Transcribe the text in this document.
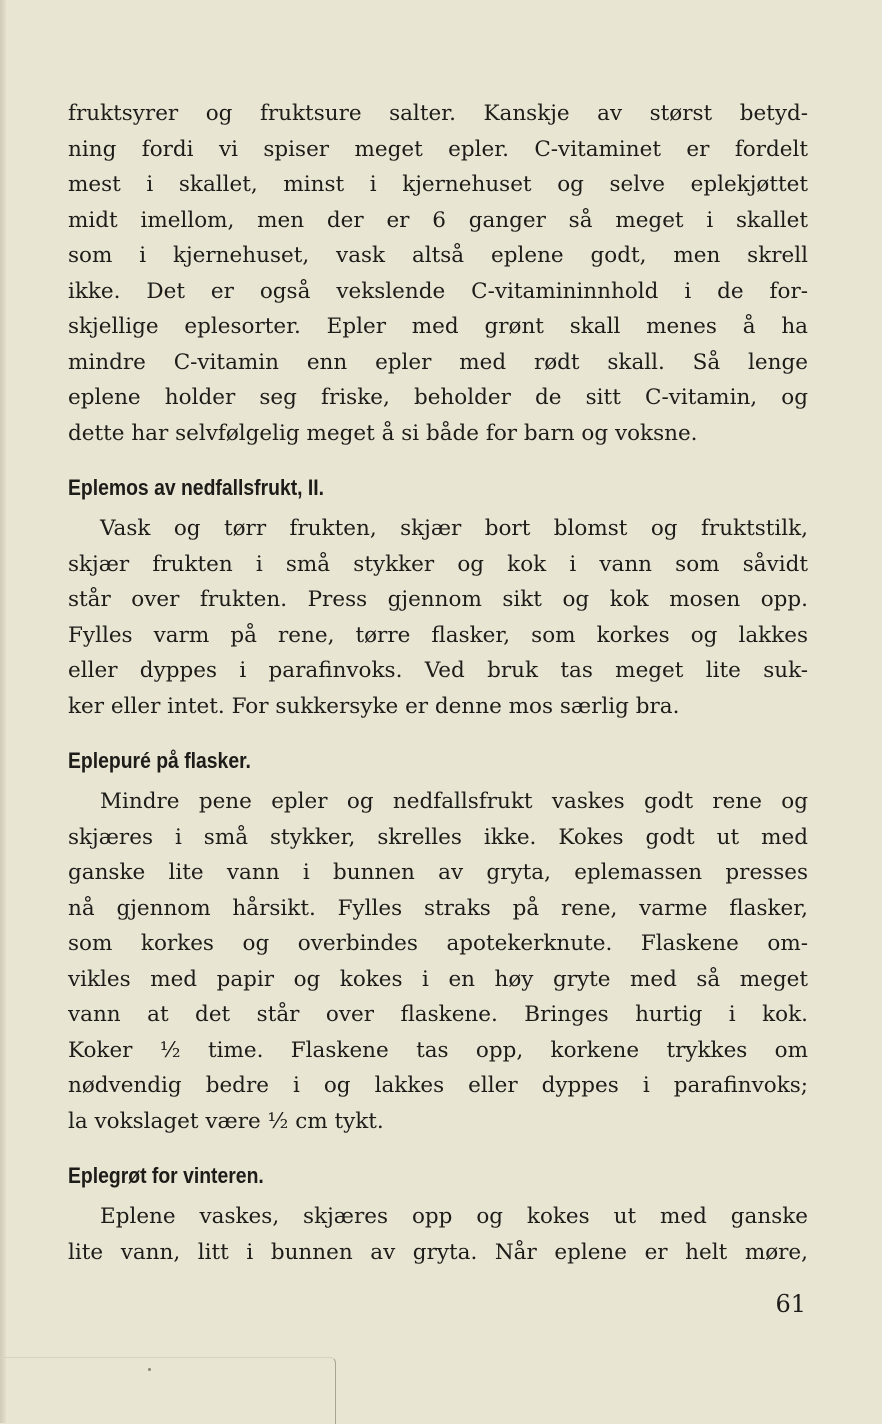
fruktsyrer og fruktsure salter. Kanskje av størst betyd-

ning fordi vi spiser meget epler. C-vitaminet er fordelt

mest i skallet, minst i kjernehuset og selve eplekjøttet

midt imellom, men der er 6 ganger så meget i skallet

som i kjernehuset, vask altså eplene godt, men skrell

ikke. Det er også vekslende C-vitamininnhold i de for-

skjellige eplesorter. Epler med grønt skall menes å ha

mindre C-vitamin enn epler med rødt skall. Så lenge

eplene holder seg friske, beholder de sitt C-vitamin, og

dette har selvfølgelig meget å si både for barn og voksne.

Eplemos av nedfallsfrukt, II.

Vask og tørr frukten, skjær bort blomst og fruktstilk,

skjær frukten i små stykker og kok i vann som såvidt

står over frukten. Press gjennom sikt og kok mosen opp.

Fylles varm på rene, tørre flasker, som korkes og lakkes

eller dyppes i parafinvoks. Ved bruk tas meget lite suk-

ker eller intet. For sukkersyke er denne mos særlig bra.

Eplepuré på flasker.

Mindre pene epler og nedfallsfrukt vaskes godt rene og

skjæres i små stykker, skrelles ikke. Kokes godt ut med

ganske lite vann i bunnen av gryta, eplemassen presses

nå gjennom hårsikt. Fylles straks på rene, varme flasker,

som korkes og overbindes apotekerknute. Flaskene om-

vikles med papir og kokes i en høy gryte med så meget

vann at det står over flaskene. Bringes hurtig i kok.

Koker ½ time. Flaskene tas opp, korkene trykkes om

nødvendig bedre i og lakkes eller dyppes i parafinvoks;

la vokslaget være ½ cm tykt.

Eplegrøt for vinteren.

Eplene vaskes, skjæres opp og kokes ut med ganske

lite vann, litt i bunnen av gryta. Når eplene er helt møre,

61
